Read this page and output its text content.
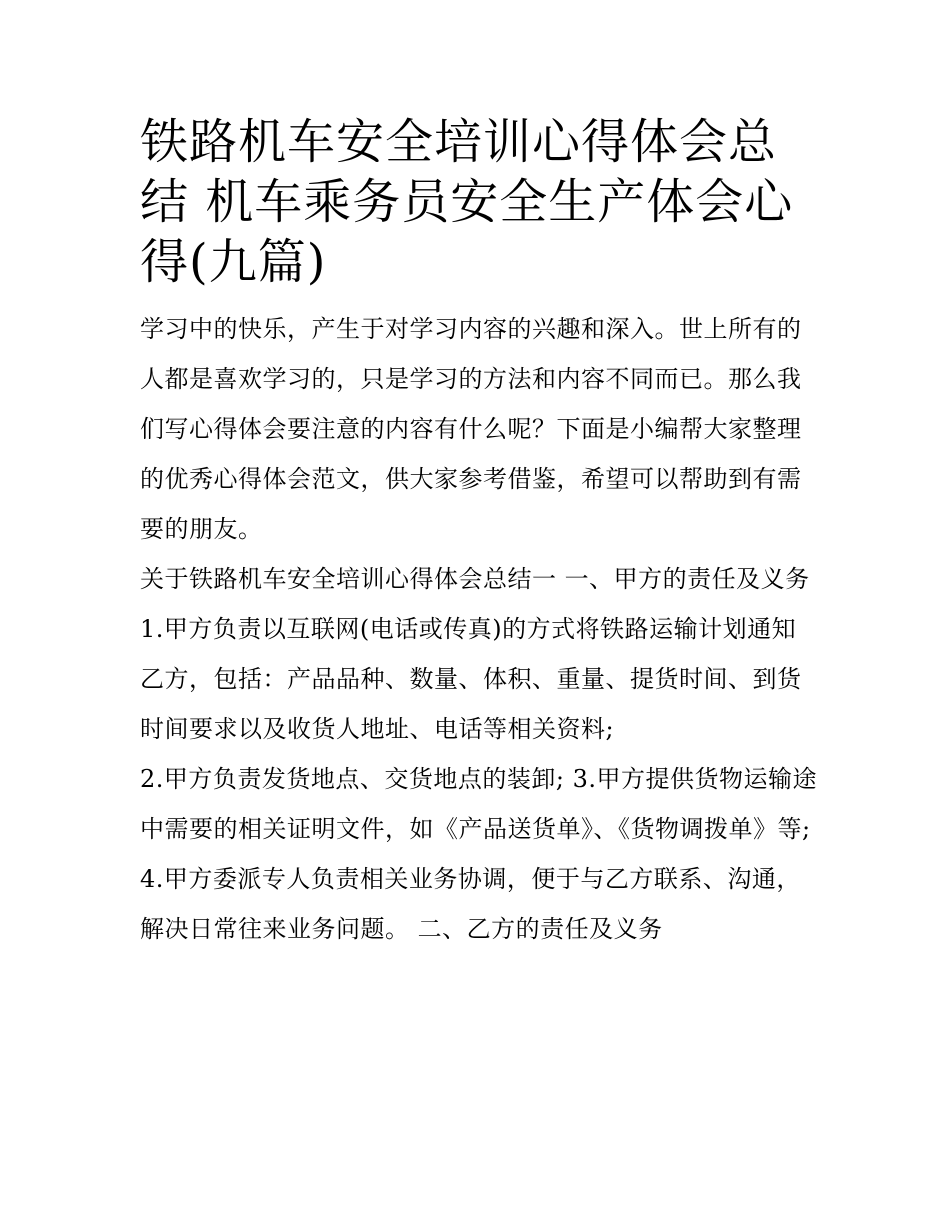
铁路机车安全培训心得体会总结 机车乘务员安全生产体会心得(九篇)

学习中的快乐，产生于对学习内容的兴趣和深入。世上所有的人都是喜欢学习的，只是学习的方法和内容不同而已。那么我们写心得体会要注意的内容有什么呢？下面是小编帮大家整理的优秀心得体会范文，供大家参考借鉴，希望可以帮助到有需要的朋友。

关于铁路机车安全培训心得体会总结一 一、甲方的责任及义务

1.甲方负责以互联网(电话或传真)的方式将铁路运输计划通知乙方，包括：产品品种、数量、体积、重量、提货时间、到货时间要求以及收货人地址、电话等相关资料;

2.甲方负责发货地点、交货地点的装卸; 3.甲方提供货物运输途中需要的相关证明文件，如《产品送货单》、《货物调拨单》等;

4.甲方委派专人负责相关业务协调，便于与乙方联系、沟通，解决日常往来业务问题。 二、乙方的责任及义务
